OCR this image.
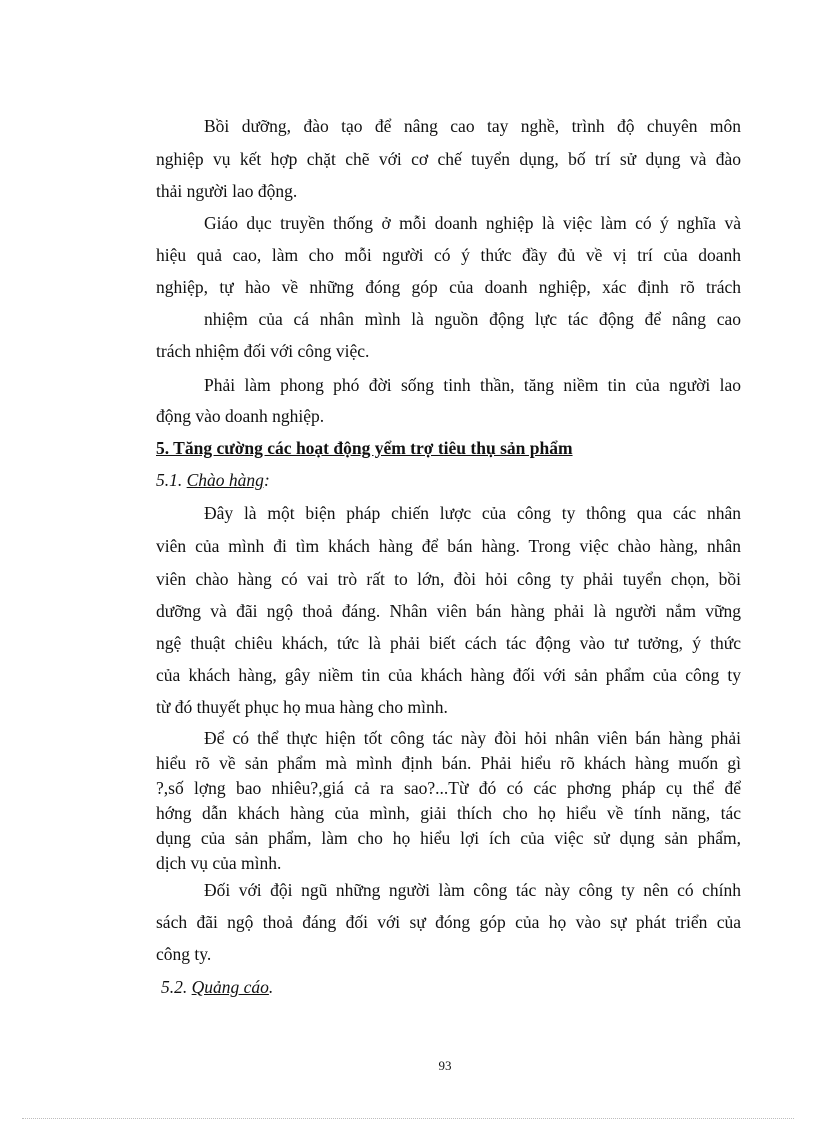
93
Bồi dưỡng, đào tạo để nâng cao tay nghề, trình độ chuyên môn
nghiệp vụ kết hợp chặt chẽ với cơ chế tuyển dụng, bố trí sử dụng và đào
thải người lao động.
Giáo dục truyền thống ở mỗi doanh nghiệp là việc làm có ý nghĩa và
hiệu quả cao, làm cho mỗi người có ý thức đầy đủ về vị trí của doanh
nghiệp, tự hào về những đóng góp của doanh nghiệp, xác định rõ trách
nhiệm của cá nhân mình là nguồn động lực tác động để nâng cao
trách nhiệm đối với công việc.
Phải làm phong phó đời sống tinh thần, tăng niềm tin của người lao
động vào doanh nghiệp.
5. Tăng cường các hoạt động yểm trợ tiêu thụ sản phẩm
5.1. Chào hàng:
Đây là một biện pháp chiến lược của công ty thông qua các nhân
viên của mình đi tìm khách hàng để bán hàng. Trong việc chào hàng, nhân
viên chào hàng có vai trò rất to lớn, đòi hỏi công ty phải tuyển chọn, bồi
dưỡng và đãi ngộ thoả đáng. Nhân viên bán hàng phải là người nắm vững
ngệ thuật chiêu khách, tức là phải biết cách tác động vào tư tưởng, ý thức
của khách hàng, gây niềm tin của khách hàng đối với sản phẩm của công ty
từ đó thuyết phục họ mua hàng cho mình.
Để có thể thực hiện tốt công tác này đòi hỏi nhân viên bán hàng phải
hiểu rõ về sản phẩm mà mình định bán. Phải hiểu rõ khách hàng muốn gì
?,số lợng bao nhiêu?,giá cả ra sao?...Từ đó có các phơng pháp cụ thể để
hớng dẫn khách hàng của mình, giải thích cho họ hiểu về tính năng, tác
dụng của sản phẩm, làm cho họ hiểu lợi ích của việc sử dụng sản phẩm,
dịch vụ của mình.
Đối với đội ngũ những người làm công tác này công ty nên có chính
sách đãi ngộ thoả đáng đối với sự đóng góp của họ vào sự phát triển của
công ty.
5.2. Quảng cáo.
